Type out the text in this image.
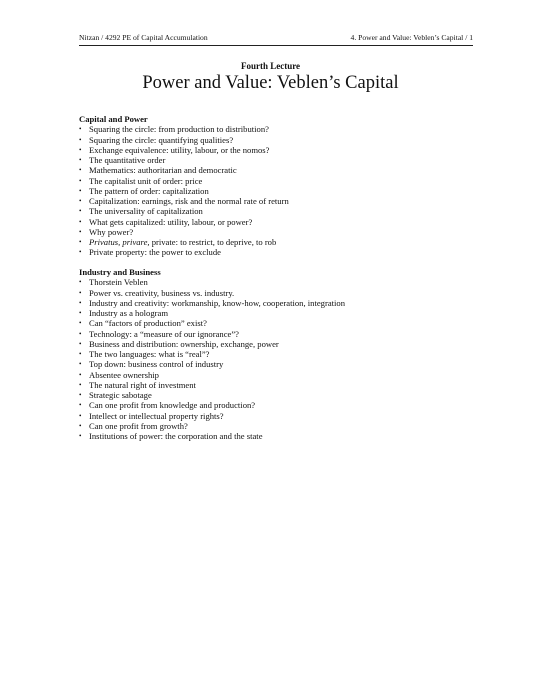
Nitzan / 4292 PE of Capital Accumulation	4. Power and Value: Veblen’s Capital / 1
Fourth Lecture
Power and Value: Veblen’s Capital
Capital and Power
• Squaring the circle: from production to distribution?
• Squaring the circle: quantifying qualities?
• Exchange equivalence: utility, labour, or the nomos?
• The quantitative order
• Mathematics: authoritarian and democratic
• The capitalist unit of order: price
• The pattern of order: capitalization
• Capitalization: earnings, risk and the normal rate of return
• The universality of capitalization
• What gets capitalized: utility, labour, or power?
• Why power?
• Privatus, privare, private: to restrict, to deprive, to rob
• Private property: the power to exclude
Industry and Business
• Thorstein Veblen
• Power vs. creativity, business vs. industry.
• Industry and creativity: workmanship, know-how, cooperation, integration
• Industry as a hologram
• Can “factors of production” exist?
• Technology: a “measure of our ignorance”?
• Business and distribution: ownership, exchange, power
• The two languages: what is “real”?
• Top down: business control of industry
• Absentee ownership
• The natural right of investment
• Strategic sabotage
• Can one profit from knowledge and production?
• Intellect or intellectual property rights?
• Can one profit from growth?
• Institutions of power: the corporation and the state
